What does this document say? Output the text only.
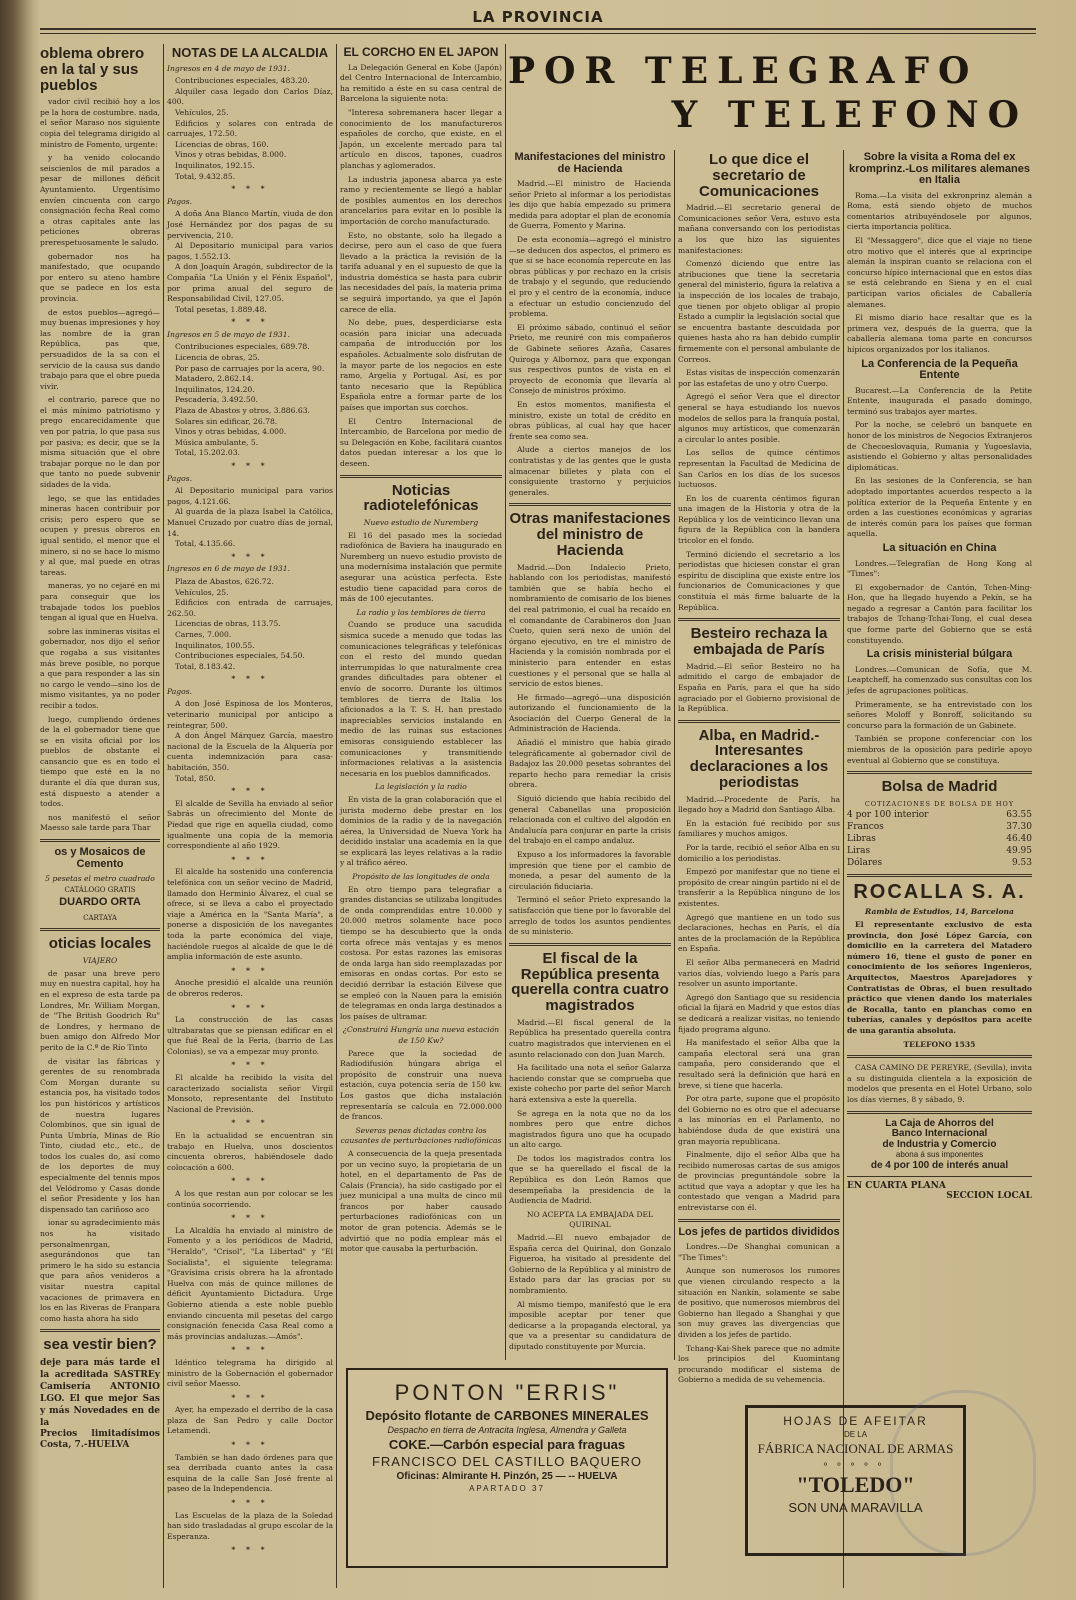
LA PROVINCIA
POR TELEGRAFO
Y TELEFONO
oblema obrero en la tal y sus pueblos

vador civil recibió hoy a los pe la hora de costumbre. nada, el señor Maraso nos siguiente copia del telegrama dirigido al ministro de Fomento, urgente:

y ha venido colocando seiscienlos de mil parados a pesar de millones déficit Ayuntamiento. Urgentísimo envíen cincuenta con cargo consignación fecha Real como a otras capitales ante las peticiones obreras prerespetuosamente le saludo.

gobernador nos ha manifestado, que ocupando por entero su ateno hambre que se padece en los esta provincia.

de estos pueblos—agregó—muy buenas impresiones y hoy las nombre de la gran República, pas que, persuadidos de la sa con el servicio de la causa sus dando trabajo para que el obre pueda vivir.

el contrario, parece que no el más mínimo patriotismo y prego encarecidamente que ven por patria, lo que pasa sus por pasiva; es decir, que se la misma situación que el obre trabajar porque no le dan por que tanto no puede subvenir sidades de la vida.

lego, se que las entidades mineras hacen contribuir por crisis; pero espero que se ocupen y presus obreros en igual sentido, el menor que el minero, si no se hace lo mismo y al que, mal puede en otras tareas.

maneras, yo no cejaré en mi para conseguir que los trabajade todos los pueblos tengan al igual que en Huelva.

sobre las inmineras visitas el gobernador, nos dijo el señor que rogaba a sus visitantes más breve posible, no porque a que para responder a las sin no cargo le vendo—sino los de mismo visitantes, ya no poder recibir a todos.

luego, cumpliendo órdenes de la el gobernador tiene que se en visita oficial por los pueblos de obstante el cansancio que es en todo el tiempo que esté en la no durante el día que duran sus, está dispuesto a atender a todos.

nos manifestó el señor Maesso sale tarde para Thar

os y Mosaicos de Cemento
5 pesetas el metro cuadrado
CATÁLOGO GRATIS
DUARDO ORTA
CARTAYA
oticias locales
VIAJERO

de pasar una breve pero muy en nuestra capital, hoy ha en el expreso de esta tarde pa Londres, Mr. William Morgan, de "The British Goodrich Ru" de Londres, y hermano de buen amigo don Alfredo Mor perito de la C.ª de Río Tinto

de visitar las fábricas y gerentes de su renombrada Com Morgan durante su estancia pos, ha visitado todos los pun históricos y artísticos de nuestra lugares Colombinos, que sin igual de Punta Umbría, Minas de Río Tinto, ciudad etc., etc., de todos los cuales do, así como de los deportes de muy especialmente del tennis mpos del Velódromo y Casas donde el señor Presidente y los han dispensado tan cariñoso aco

ionar su agradecimiento más nos ha visitado personalmenrgan, asegurándonos que tan primero le ha sido su estancia que para años venideros a visitar nuestra capital vacaciones de primavera en los en las Riveras de Franpara como hasta ahora ha sido

sea vestir bien?
deje para más tarde el la acreditada SASTREy Camisería ANTONIO LGO. El que mejor Sas y más Novedades en de la
Precios limitadísimos Costa, 7.-HUELVA
NOTAS DE LA ALCALDIA
Ingresos en 4 de mayo de 1931.

Contribuciones especiales, 483.20.

Alquiler casa legado don Carlos Díaz, 400.

Vehículos, 25.

Edificios y solares con entrada de carruajes, 172.50.

Licencias de obras, 160.

Vinos y otras bebidas, 8.000.

Inquilinatos, 192.15.

Total, 9.432.85.

* * *
Pagos.

A doña Ana Blanco Martín, viuda de don José Hernández por dos pagas de su pervivencia, 210.

Al Depositario municipal para varios pagos, 1.552.13.

A don Joaquín Aragón, subdirector de la Compañía "La Unión y el Fénix Español", por prima anual del seguro de Responsabilidad Civil, 127.05.

Total pesetas, 1.889.48.

* * *
Ingresos en 5 de mayo de 1931.

Contribuciones especiales, 689.78.

Licencia de obras, 25.

Por paso de carruajes por la acera, 90.

Matadero, 2.862.14.

Inquilinatos, 124.20.

Pescadería, 3.492.50.

Plaza de Abastos y otros, 3.886.63.

Solares sin edificar, 26.78.

Vinos y otras bebidas, 4.000.

Música ambulante, 5.

Total, 15.202.03.

* * *
Pagos.

Al Depositario municipal para varios pagos, 4.121.66.

Al guarda de la plaza Isabel la Católica, Manuel Cruzado por cuatro días de jornal, 14.

Total, 4.135.66.

* * *
Ingresos en 6 de mayo de 1931.

Plaza de Abastos, 626.72.

Vehículos, 25.

Edificios con entrada de carruajes, 262.50.

Licencias de obras, 113.75.

Carnes, 7.000.

Inquilinatos, 100.55.

Contribuciones especiales, 54.50.

Total, 8.183.42.

* * *
Pagos.

A don José Espinosa de los Monteros, veterinario municipal por anticipo a reintegrar, 500.

A don Ángel Márquez García, maestro nacional de la Escuela de la Alquería por cuenta indemnización para casa-habitación, 350.

Total, 850.

* * *

El alcalde de Sevilla ha enviado al señor Sabrás un ofrecimiento del Monte de Piedad que rige en aquella ciudad, como igualmente una copia de la memoria correspondiente al año 1929.

* * *

El alcalde ha sostenido una conferencia telefónica con un señor vecino de Madrid, llamado don Herminio Álvarez, el cual se ofrece, si se lleva a cabo el proyectado viaje a América en la "Santa María", a ponerse a disposición de los navegantes toda la parte económica del viaje, haciéndole ruegos al alcalde de que le dé amplia información de este asunto.

* * *

Anoche presidió el alcalde una reunión de obreros rederos.

* * *

La construcción de las casas ultrabaratas que se piensan edificar en el que fué Real de la Feria, (barrio de Las Colonias), se va a empezar muy pronto.

* * *

El alcalde ha recibido la visita del caracterizado socialista señor Virgil Monsoto, representante del Instituto Nacional de Previsión.

* * *

En la actualidad se encuentran sin trabajo en Huelva, unos doscientos cincuenta obreros, habiéndosele dado colocación a 600.

* * *

A los que restan aun por colocar se les continúa socorriendo.

* * *

La Alcaldía ha enviado al ministro de Fomento y a los periódicos de Madrid, "Heraldo", "Crisol", "La Libertad" y "El Socialista", el siguiente telegrama: "Gravísima crisis obrera ha la afrontado Huelva con más de quince millones de déficit Ayuntamiento Dictadura. Urge Gobierno atienda a este noble pueblo enviando cincuenta mil pesetas del cargo consignación fenecida Casa Real como a más provincias andaluzas.—Amós".

* * *

Idéntico telegrama ha dirigido al ministro de la Gobernación el gobernador civil señor Maesso.

* * *

Ayer, ha empezado el derribo de la casa plaza de San Pedro y calle Doctor Letamendi.

* * *

También se han dado órdenes para que sea derribada cuanto antes la casa esquina de la calle San José frente al paseo de la Independencia.

* * *

Las Escuelas de la plaza de la Soledad han sido trasladadas al grupo escolar de la Esperanza.

* * *
EL CORCHO EN EL JAPON

La Delegación General en Kobe (Japón) del Centro Internacional de Intercambio, ha remitido a éste en su casa central de Barcelona la siguiente nota:

"Interesa sobremanera hacer llegar a conocimiento de los manufactureros españoles de corcho, que existe, en el Japón, un excelente mercado para tal artículo en discos, tapones, cuadros planchas y aglomerados.

La industria japonesa abarca ya este ramo y recientemente se llegó a hablar de posibles aumentos en los derechos arancelarios para evitar en lo posible la importación de corcho manufacturado.

Esto, no obstante, solo ha llegado a decirse, pero aun el caso de que fuera llevado a la práctica la revisión de la tarifa aduanal y en el supuesto de que la industria doméstica se hasta para cubrir las necesidades del país, la materia prima se seguirá importando, ya que el Japón carece de ella.

No debe, pues, desperdiciarse esta ocasión para iniciar una adecuada campaña de introducción por los españoles. Actualmente solo disfrutan de la mayor parte de los negocios en este ramo, Argelia y Portugal. Así, es por tanto necesario que la República Española entre a formar parte de los países que importan sus corchos.

El Centro Internacional de Intercambio, de Barcelona por medio de su Delegación en Kobe, facilitará cuantos datos puedan interesar a los que lo deseen.

Noticias radiotelefónicas
Nuevo estudio de Nuremberg

El 16 del pasado mes la sociedad radiofónica de Baviera ha inaugurado en Nuremberg un nuevo estudio provisto de una modernísima instalación que permite asegurar una acústica perfecta. Este estudio tiene capacidad para coros de más de 100 ejecutantes.

La radio y los temblores de tierra

Cuando se produce una sacudida sísmica sucede a menudo que todas las comunicaciones telegráficas y telefónicas con el resto del mundo quedan interrumpidas lo que naturalmente crea grandes dificultades para obtener el envío de socorro. Durante los últimos temblores de tierra de Italia los aficionados a la T. S. H. han prestado inapreciables servicios instalando en medio de las ruinas sus estaciones emisoras consiguiendo establecer las comunicaciones y transmitiendo informaciones relativas a la asistencia necesaria en los pueblos damnificados.

La legislación y la radio

En vista de la gran colaboración que el jurista moderno debe prestar en los dominios de la radio y de la navegación aérea, la Universidad de Nueva York ha decidido instalar una academia en la que se explicará las leyes relativas a la radio y al tráfico aéreo.

Propósito de las longitudes de onda

En otro tiempo para telegrafiar a grandes distancias se utilizaba longitudes de onda comprendidas entre 10.000 y 20.000 metros solamente hace poco tiempo se ha descubierto que la onda corta ofrece más ventajas y es menos costosa. Por estas razones las emisoras de onda larga han sido reemplazadas por emisoras en ondas cortas. Por esto se decidió derribar la estación Eilvese que se empleó con la Nauen para la emisión de telegramas en onda larga destinados a los países de ultramar.

¿Construirá Hungría una nueva estación de 150 Kw?

Parece que la sociedad de Radiodifusión húngara abriga el propósito de construir una nueva estación, cuya potencia sería de 150 kw. Los gastos que dicha instalación representaría se calcula en 72.000.000 de francos.

Severas penas dictadas contra los causantes de perturbaciones radiofónicas

A consecuencia de la queja presentada por un vecino suyo, la propietaria de un hotel, en el departamento de Pas de Calais (Francia), ha sido castigado por el juez municipal a una multa de cinco mil francos por haber causado perturbaciones radiofónicas con un motor de gran potencia. Además se le advirtió que no podía emplear más el motor que causaba la perturbación.

Manifestaciones del ministro de Hacienda

Madrid.—El ministro de Hacienda señor Prieto al informar a los periodistas les dijo que había empezado su primera medida para adoptar el plan de economía de Guerra, Fomento y Marina.

De esta economía—agregó el ministro—se deducen dos aspectos, el primero es que si se hace economía repercute en las obras públicas y por rechazo en la crisis de trabajo y el segundo, que reduciendo el pro y el centro de la economía, induce a efectuar un estudio concienzudo del problema.

El próximo sábado, continuó el señor Prieto, me reuniré con mis compañeros de Gabinete señores Azaña, Casares Quiroga y Albornoz, para que expongan sus respectivos puntos de vista en el proyecto de economía que llevaría al Consejo de ministros próximo.

En estos momentos, manifiesta el ministro, existe un total de crédito en obras públicas, al cual hay que hacer frente sea como sea.

Alude a ciertos manejos de los contratistas y de las gentes que le gusta almacenar billetes y plata con el consiguiente trastorno y perjuicios generales.

Otras manifestaciones del ministro de Hacienda

Madrid.—Don Indalecio Prieto, hablando con los periodistas, manifestó también que se había hecho el nombramiento de comisario de los bienes del real patrimonio, el cual ha recaído en el comandante de Carabineros don Juan Cueto, quien será nexo de unión del órgano ejecutivo, en tre el ministro de Hacienda y la comisión nombrada por el ministerio para entender en estas cuestiones y el personal que se halla al servicio de estos bienes.

He firmado—agregó—una disposición autorizando el funcionamiento de la Asociación del Cuerpo General de la Administración de Hacienda.

Añadió el ministro que había girado telegráficamente al gobernador civil de Badajoz las 20.000 pesetas sobrantes del reparto hecho para remediar la crisis obrera.

Siguió diciendo que había recibido del general Cabanellas una proposición relacionada con el cultivo del algodón en Andalucía para conjurar en parte la crisis del trabajo en el campo andaluz.

Expuso a los informadores la favorable impresión que tiene por el cambio de moneda, a pesar del aumento de la circulación fiduciaria.

Terminó el señor Prieto expresando la satisfacción que tiene por lo favorable del arreglo de todos los asuntos pendientes de su ministerio.

El fiscal de la República presenta querella contra cuatro magistrados

Madrid.—El fiscal general de la República ha presentado querella contra cuatro magistrados que intervienen en el asunto relacionado con don Juan March.

Ha facilitado una nota el señor Galarza haciendo constar que se comprueba que existe cohecho por parte del señor March hará extensiva a este la querella.

Se agrega en la nota que no da los nombres pero que entre dichos magistrados figura uno que ha ocupado un alto cargo.

De todos los magistrados contra los que se ha querellado el fiscal de la República es don León Ramos que desempeñaba la presidencia de la Audiencia de Madrid.

NO ACEPTA LA EMBAJADA DEL QUIRINAL

Madrid.—El nuevo embajador de España cerca del Quirinal, don Gonzalo Figueroa, ha visitado al presidente del Gobierno de la República y al ministro de Estado para dar las gracias por su nombramiento.

Al mismo tiempo, manifestó que le era imposible aceptar por tener que dedicarse a la propaganda electoral, ya que va a presentar su candidatura de diputado constituyente por Murcia.

Lo que dice el secretario de Comunicaciones

Madrid.—El secretario general de Comunicaciones señor Vera, estuvo esta mañana conversando con los periodistas a los que hizo las siguientes manifestaciones:

Comenzó diciendo que entre las atribuciones que tiene la secretaría general del ministerio, figura la relativa a la inspección de los locales de trabajo, que tienen por objeto obligar al propio Estado a cumplir la legislación social que se encuentra bastante descuidada por quienes hasta aho ra han debido cumplir firmemente con el personal ambulante de Correos.

Estas visitas de inspección comenzarán por las estafetas de uno y otro Cuerpo.

Agregó el señor Vera que el director general se haya estudiando los nuevos modelos de sellos para la franquía postal, algunos muy artísticos, que comenzarán a circular lo antes posible.

Los sellos de quince céntimos representan la Facultad de Medicina de San Carlos en los días de los sucesos luctuosos.

En los de cuarenta céntimos figuran una imagen de la Historia y otra de la República y los de veinticinco llevan una figura de la República con la bandera tricolor en el fondo.

Terminó diciendo el secretario a los periodistas que hiciesen constar el gran espíritu de disciplina que existe entre los funcionarios de Comunicaciones y que constituía el más firme baluarte de la República.

Besteiro rechaza la embajada de París

Madrid.—El señor Besteiro no ha admitido el cargo de embajador de España en París, para el que ha sido agraciado por el Gobierno provisional de la República.

Alba, en Madrid.-Interesantes declaraciones a los periodistas

Madrid.—Procedente de París, ha llegado hoy a Madrid don Santiago Alba.

En la estación fué recibido por sus familiares y muchos amigos.

Por la tarde, recibió el señor Alba en su domicilio a los periodistas.

Empezó por manifestar que no tiene el propósito de crear ningún partido ni el de transferir a la República ninguno de los existentes.

Agregó que mantiene en un todo sus declaraciones, hechas en París, el día antes de la proclamación de la República en España.

El señor Alba permanecerá en Madrid varios días, volviendo luego a París para resolver un asunto importante.

Agregó don Santiago que su residencia oficial la fijará en Madrid y que estos días se dedicará a realizar visitas, no teniendo fijado programa alguno.

Ha manifestado el señor Alba que la campaña electoral será una gran campaña, pero considerando que el resultado será la definición que hará en breve, si tiene que hacerla.

Por otra parte, supone que el propósito del Gobierno no es otro que el adecuarse a las minorías en el Parlamento, no habiéndose duda de que existirá una gran mayoría republicana.

Finalmente, dijo el señor Alba que ha recibido numerosas cartas de sus amigos de provincias preguntándole sobre la actitud que vaya a adoptar y que les ha contestado que vengan a Madrid para entrevistarse con él.

Los jefes de partidos divididos

Londres.—De Shanghai comunican a "The Times":

Aunque son numerosos los rumores que vienen circulando respecto a la situación en Nankín, solamente se sabe de positivo, que numerosos miembros del Gobierno han llegado a Shanghai y que son muy graves las divergencias que dividen a los jefes de partido.

Tchang-Kai-Shek parece que no admite los principios del Kuomintang procurando modificar el sistema de Gobierno a medida de su vehemencia.

Sobre la visita a Roma del ex kromprinz.-Los militares alemanes en Italia

Roma.—La visita del exkronprinz alemán a Roma, está siendo objeto de muchos comentarios atribuyéndosele por algunos, cierta importancia política.

El "Messaggero", dice que el viaje no tiene otro motivo que el interés que al exprincipe alemán la inspiran cuanto se relaciona con el concurso hípico internacional que en estos días se está celebrando en Siena y en el cual participan varios oficiales de Caballería alemanes.

El mismo diario hace resaltar que es la primera vez, después de la guerra, que la caballería alemana toma parte en concursos hípicos organizados por los italianos.

La Conferencia de la Pequeña Entente

Bucarest.—La Conferencia de la Petite Entente, inaugurada el pasado domingo, terminó sus trabajos ayer martes.

Por la noche, se celebró un banquete en honor de los ministros de Negocios Extranjeros de Checoeslovaquia, Rumania y Yugoeslavia, asistiendo el Gobierno y altas personalidades diplomáticas.

En las sesiones de la Conferencia, se han adoptado importantes acuerdos respecto a la política exterior de la Pequeña Entente y en orden a las cuestiones económicas y agrarias de interés común para los países que forman aquella.

La situación en China

Londres.—Telegrafían de Hong Kong al "Times":

El exgobernador de Cantón, Tchen-Ming-Hon, que ha llegado huyendo a Pekín, se ha negado a regresar a Cantón para facilitar los trabajos de Tchang-Tchai-Tong, el cual desea que forme parte del Gobierno que se está constituyendo.

La crisis ministerial búlgara

Londres.—Comunican de Sofía, que M. Leaptcheff, ha comenzado sus consultas con los jefes de agrupaciones políticas.

Primeramente, se ha entrevistado con los señores Moloff y Bonroff, solicitando su concurso para la formación de un Gabinete.

También se propone conferenciar con los miembros de la oposición para pedirle apoyo eventual al Gobierno que se constituya.

Bolsa de Madrid
COTIZACIONES DE BOLSA DE HOY
4 por 100 interior	63.55
Francos	37.30
Libras	46.40
Liras	49.95
Dólares	9.53
ROCALLA S. A.
Rambla de Estudios, 14, Barcelona

El representante exclusivo de esta provincia, don José López García, con domicilio en la carretera del Matadero número 16, tiene el gusto de poner en conocimiento de los señores Ingenieros, Arquitectos, Maestros Aparejadores y Contratistas de Obras, el buen resultado práctico que vienen dando los materiales de Rocalla, tanto en planchas como en tuberías, canales y depósitos para aceite de una garantía absoluta.

TELEFONO 1535

CASA CAMINO DE PEREYRE, (Sevilla), invita a su distinguida clientela a la exposición de modelos que presenta en el Hotel Urbano, solo los días viernes, 8 y sábado, 9.

La Caja de Ahorros del
Banco Internacional
de Industria y Comercio
abona á sus imponentes
de 4 por 100 de interés anual
EN CUARTA PLANA
SECCION LOCAL
PONTON "ERRIS"
Depósito flotante de CARBONES MINERALES
Despacho en tierra de Antracita Inglesa, Almendra y Galleta
COKE.—Carbón especial para fraguas
FRANCISCO DEL CASTILLO BAQUERO
Oficinas: Almirante H. Pinzón, 25 — -- HUELVA
APARTADO 37
HOJAS DE AFEITAR
DE LA
FÁBRICA NACIONAL DE ARMAS
⚬⚬⚬⚬⚬
"TOLEDO"
SON UNA MARAVILLA
